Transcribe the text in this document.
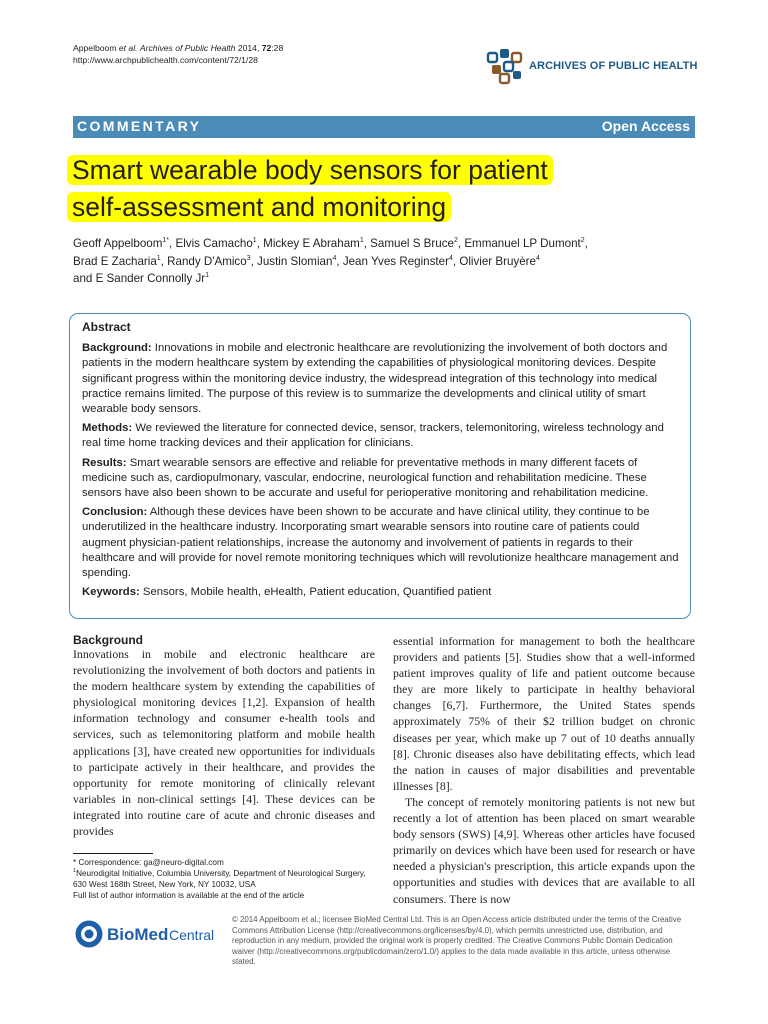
Appelboom et al. Archives of Public Health 2014, 72:28
http://www.archpublichealth.com/content/72/1/28	ARCHIVES OF PUBLIC HEALTH
COMMENTARY	Open Access
Smart wearable body sensors for patient
self-assessment and monitoring
Geoff Appelboom$^{1*}$, Elvis Camacho$^1$, Mickey E Abraham$^1$, Samuel S Bruce$^2$, Emmanuel LP Dumont$^2$,
Brad E Zacharia$^1$, Randy D'Amico$^3$, Justin Slomian$^4$, Jean Yves Reginster$^4$, Olivier Bruyère$^4$
and E Sander Connolly Jr$^1$
Abstract

Background: Innovations in mobile and electronic healthcare are revolutionizing the involvement of both doctors and patients in the modern healthcare system by extending the capabilities of physiological monitoring devices. Despite significant progress within the monitoring device industry, the widespread integration of this technology into medical practice remains limited. The purpose of this review is to summarize the developments and clinical utility of smart wearable body sensors.

Methods: We reviewed the literature for connected device, sensor, trackers, telemonitoring, wireless technology and real time home tracking devices and their application for clinicians.

Results: Smart wearable sensors are effective and reliable for preventative methods in many different facets of medicine such as, cardiopulmonary, vascular, endocrine, neurological function and rehabilitation medicine. These sensors have also been shown to be accurate and useful for perioperative monitoring and rehabilitation medicine.

Conclusion: Although these devices have been shown to be accurate and have clinical utility, they continue to be underutilized in the healthcare industry. Incorporating smart wearable sensors into routine care of patients could augment physician-patient relationships, increase the autonomy and involvement of patients in regards to their healthcare and will provide for novel remote monitoring techniques which will revolutionize healthcare management and spending.

Keywords: Sensors, Mobile health, eHealth, Patient education, Quantified patient

Background

Innovations in mobile and electronic healthcare are revolutionizing the involvement of both doctors and patients in the modern healthcare system by extending the capabilities of physiological monitoring devices [1,2]. Expansion of health information technology and consumer e-health tools and services, such as telemonitoring platform and mobile health applications [3], have created new opportunities for individuals to participate actively in their healthcare, and provides the opportunity for remote monitoring of clinically relevant variables in non-clinical settings [4]. These devices can be integrated into routine care of acute and chronic diseases and provides

essential information for management to both the healthcare providers and patients [5]. Studies show that a well-informed patient improves quality of life and patient outcome because they are more likely to participate in healthy behavioral changes [6,7]. Furthermore, the United States spends approximately 75% of their $2 trillion budget on chronic diseases per year, which make up 7 out of 10 deaths annually [8]. Chronic diseases also have debilitating effects, which lead the nation in causes of major disabilities and preventable illnesses [8].

The concept of remotely monitoring patients is not new but recently a lot of attention has been placed on smart wearable body sensors (SWS) [4,9]. Whereas other articles have focused primarily on devices which have been used for research or have needed a physician's prescription, this article expands upon the opportunities and studies with devices that are available to all consumers. There is now

* Correspondence: ga@neuro-digital.com
$^1$Neurodigital Initiative, Columbia University, Department of Neurological Surgery, 630 West 168th Street, New York, NY 10032, USA
Full list of author information is available at the end of the article
BioMed Central
© 2014 Appelboom et al.; licensee BioMed Central Ltd. This is an Open Access article distributed under the terms of the Creative Commons Attribution License (http://creativecommons.org/licenses/by/4.0), which permits unrestricted use, distribution, and reproduction in any medium, provided the original work is properly credited. The Creative Commons Public Domain Dedication waiver (http://creativecommons.org/publicdomain/zero/1.0/) applies to the data made available in this article, unless otherwise stated.
